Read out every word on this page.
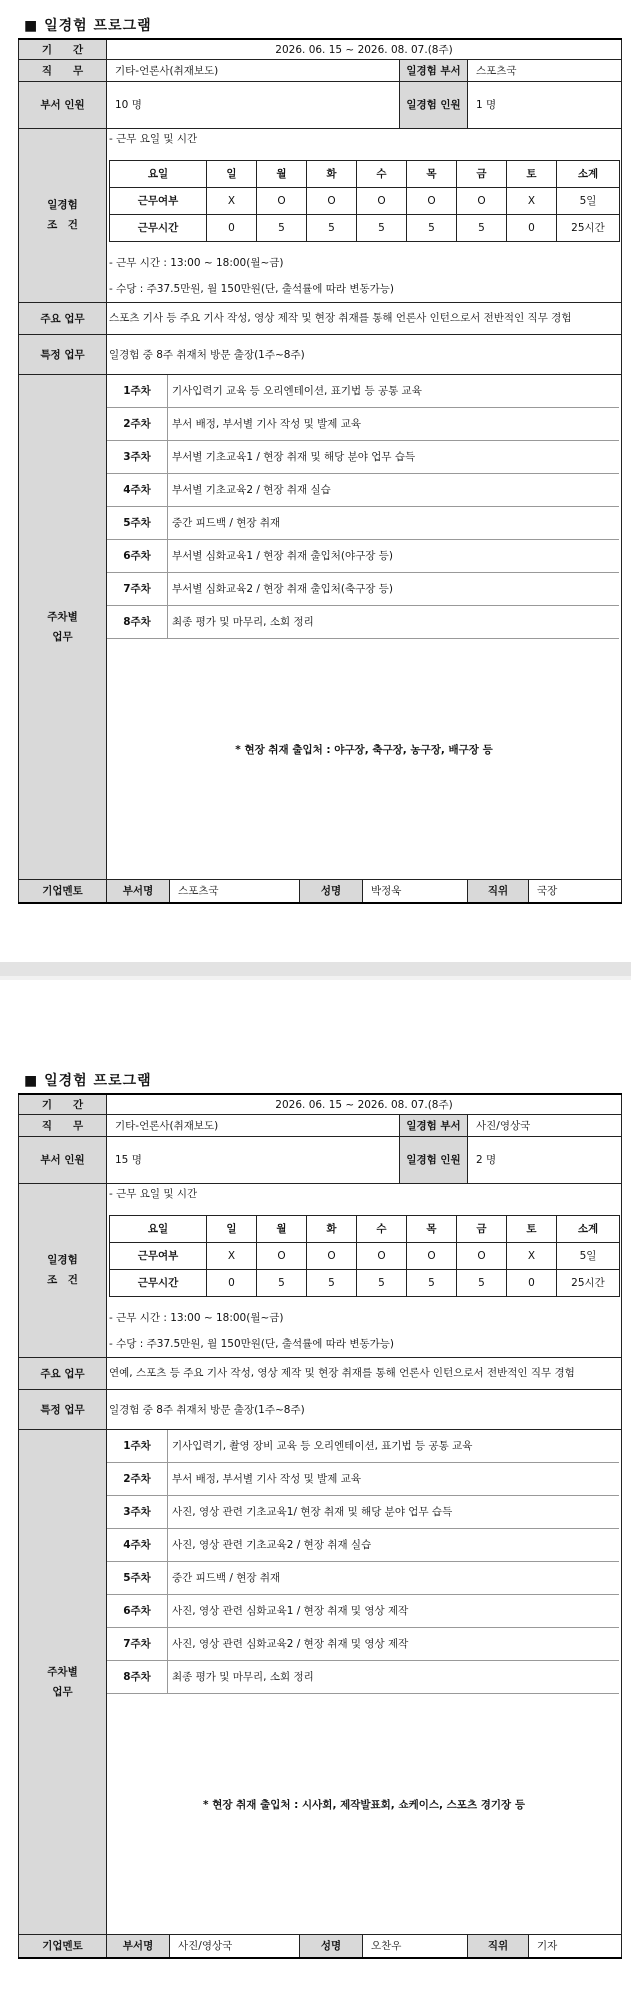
■ 일경험 프로그램
기　　간	2026. 06. 15 ~ 2026. 08. 07.(8주)
직　　무	기타-언론사(취재보도)	일경험 부서	스포츠국
부서 인원	10 명	일경험 인원	1 명
일경험
조　건	
- 근무 요일 및 시간
요일	일	월	화	수	목	금	토	소계
근무여부	X	O	O	O	O	O	X	5일
근무시간	0	5	5	5	5	5	0	25시간
- 근무 시간 : 13:00 ~ 18:00(월~금)
- 수당 : 주37.5만원, 월 150만원(단, 출석률에 따라 변동가능)

주요 업무	스포츠 기사 등 주요 기사 작성, 영상 제작 및 현장 취재를 통해 언론사 인턴으로서 전반적인 직무 경험
특정 업무	일경험 중 8주 취재처 방문 출장(1주~8주)
주차별
업무	
1주차	기사입력기 교육 등 오리엔테이션, 표기법 등 공통 교육
2주차	부서 배정, 부서별 기사 작성 및 발제 교육
3주차	부서별 기초교육1 / 현장 취재 및 해당 분야 업무 습득
4주차	부서별 기초교육2 / 현장 취재 실습
5주차	중간 피드백 / 현장 취재
6주차	부서별 심화교육1 / 현장 취재 출입처(야구장 등)
7주차	부서별 심화교육2 / 현장 취재 출입처(축구장 등)
8주차	최종 평가 및 마무리, 소회 정리
* 현장 취재 출입처 : 야구장, 축구장, 농구장, 배구장 등

기업멘토	부서명	스포츠국	성명	박정욱	직위	국장
■ 일경험 프로그램
기　　간	2026. 06. 15 ~ 2026. 08. 07.(8주)
직　　무	기타-언론사(취재보도)	일경험 부서	사진/영상국
부서 인원	15 명	일경험 인원	2 명
일경험
조　건	
- 근무 요일 및 시간
요일	일	월	화	수	목	금	토	소계
근무여부	X	O	O	O	O	O	X	5일
근무시간	0	5	5	5	5	5	0	25시간
- 근무 시간 : 13:00 ~ 18:00(월~금)
- 수당 : 주37.5만원, 월 150만원(단, 출석률에 따라 변동가능)

주요 업무	연예, 스포츠 등 주요 기사 작성, 영상 제작 및 현장 취재를 통해 언론사 인턴으로서 전반적인 직무 경험
특정 업무	일경험 중 8주 취재처 방문 출장(1주~8주)
주차별
업무	
1주차	기사입력기, 촬영 장비 교육 등 오리엔테이션, 표기법 등 공통 교육
2주차	부서 배정, 부서별 기사 작성 및 발제 교육
3주차	사진, 영상 관련 기초교육1/ 현장 취재 및 해당 분야 업무 습득
4주차	사진, 영상 관련 기초교육2 / 현장 취재 실습
5주차	중간 피드백 / 현장 취재
6주차	사진, 영상 관련 심화교육1 / 현장 취재 및 영상 제작
7주차	사진, 영상 관련 심화교육2 / 현장 취재 및 영상 제작
8주차	최종 평가 및 마무리, 소회 정리
* 현장 취재 출입처 : 시사회, 제작발표회, 쇼케이스, 스포츠 경기장 등

기업멘토	부서명	사진/영상국	성명	오찬우	직위	기자
